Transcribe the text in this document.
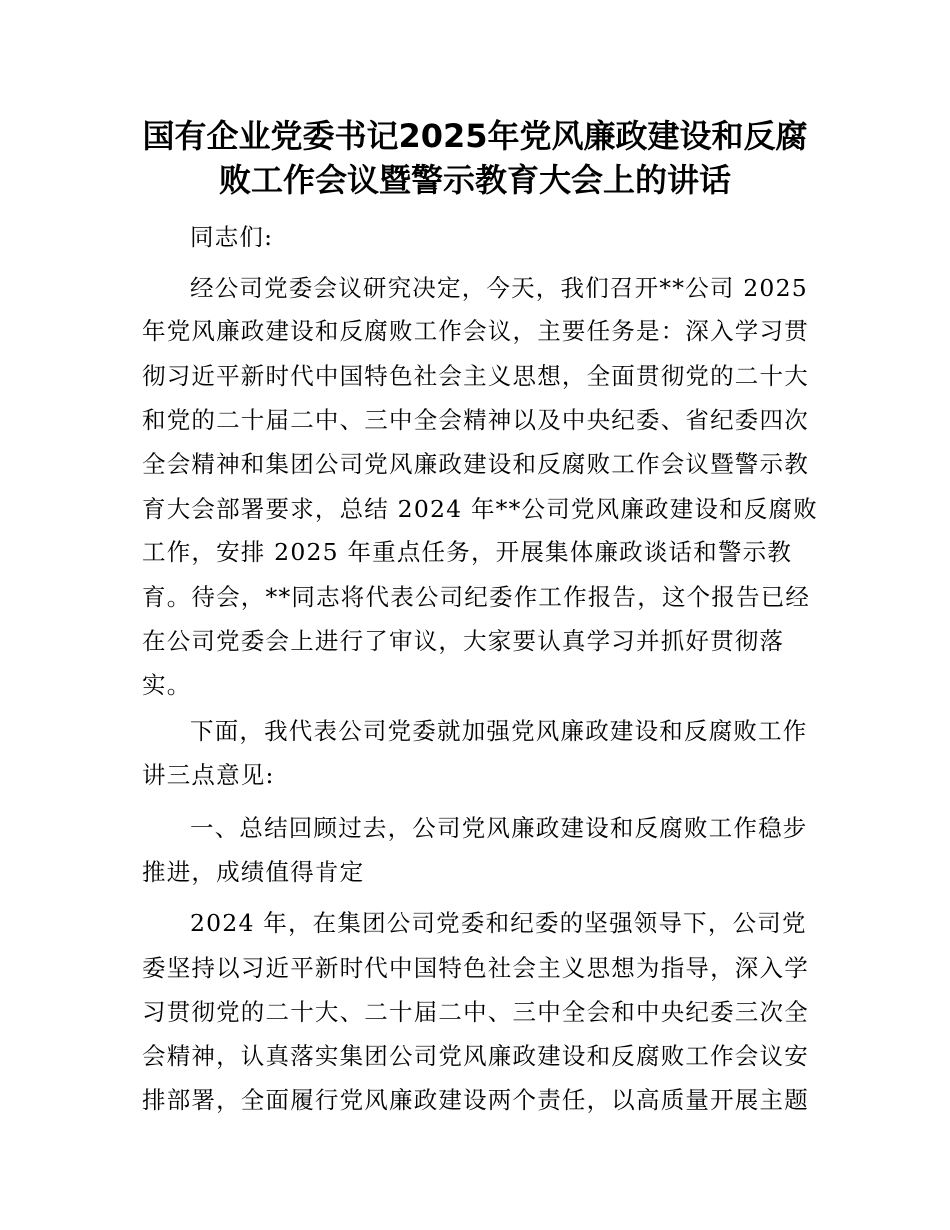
国有企业党委书记2025年党风廉政建设和反腐
败工作会议暨警示教育大会上的讲话
同志们:
经公司党委会议研究决定，今天，我们召开**公司 2025
年党风廉政建设和反腐败工作会议，主要任务是：深入学习贯
彻习近平新时代中国特色社会主义思想，全面贯彻党的二十大
和党的二十届二中、三中全会精神以及中央纪委、省纪委四次
全会精神和集团公司党风廉政建设和反腐败工作会议暨警示教
育大会部署要求，总结 2024 年**公司党风廉政建设和反腐败
工作，安排 2025 年重点任务，开展集体廉政谈话和警示教
育。待会，**同志将代表公司纪委作工作报告，这个报告已经
在公司党委会上进行了审议，大家要认真学习并抓好贯彻落
实。
下面，我代表公司党委就加强党风廉政建设和反腐败工作
讲三点意见:
一、总结回顾过去，公司党风廉政建设和反腐败工作稳步
推进，成绩值得肯定
2024 年，在集团公司党委和纪委的坚强领导下，公司党
委坚持以习近平新时代中国特色社会主义思想为指导，深入学
习贯彻党的二十大、二十届二中、三中全会和中央纪委三次全
会精神，认真落实集团公司党风廉政建设和反腐败工作会议安
排部署，全面履行党风廉政建设两个责任，以高质量开展主题
